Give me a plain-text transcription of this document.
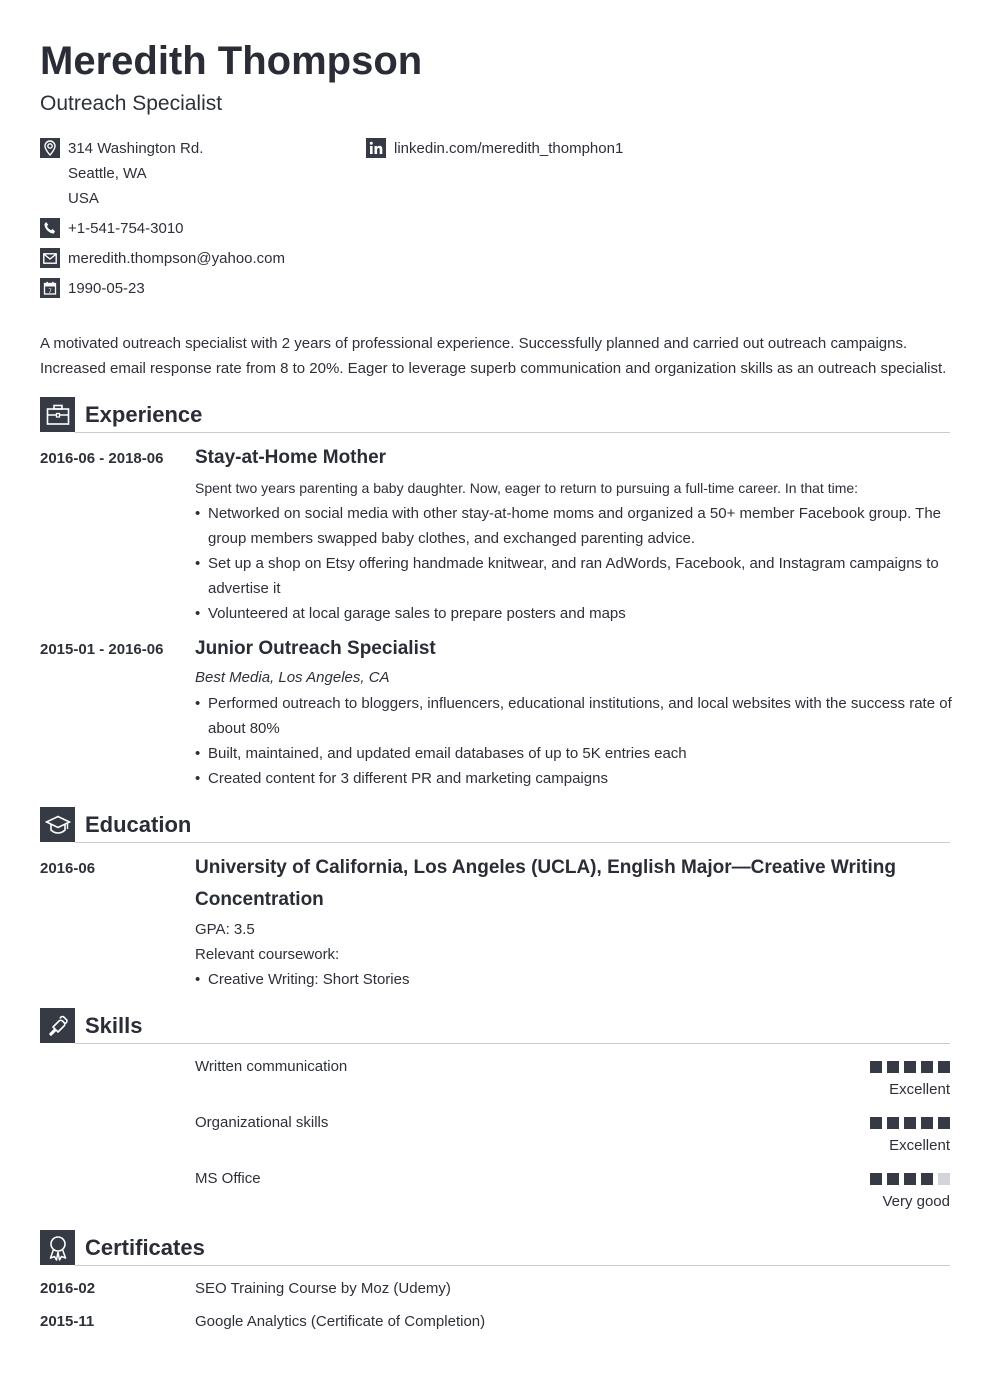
Meredith Thompson
Outreach Specialist
314 Washington Rd.
Seattle, WA
USA
+1-541-754-3010
meredith.thompson@yahoo.com
7 1990-05-23
linkedin.com/meredith_thomphon1
A motivated outreach specialist with 2 years of professional experience. Successfully planned and carried out outreach campaigns. Increased email response rate from 8 to 20%. Eager to leverage superb communication and organization skills as an outreach specialist.
Experience
2016-06 - 2018-06 Stay-at-Home Mother
Spent two years parenting a baby daughter. Now, eager to return to pursuing a full-time career. In that time:
• Networked on social media with other stay-at-home moms and organized a 50+ member Facebook group. The group members swapped baby clothes, and exchanged parenting advice.
• Set up a shop on Etsy offering handmade knitwear, and ran AdWords, Facebook, and Instagram campaigns to advertise it
• Volunteered at local garage sales to prepare posters and maps
2015-01 - 2016-06 Junior Outreach Specialist
Best Media, Los Angeles, CA
• Performed outreach to bloggers, influencers, educational institutions, and local websites with the success rate of about 80%
• Built, maintained, and updated email databases of up to 5K entries each
• Created content for 3 different PR and marketing campaigns
Education
2016-06	University of California, Los Angeles (UCLA), English Major—Creative Writing Concentration
GPA: 3.5
Relevant coursework:
• Creative Writing: Short Stories
Skills
Written communication
Excellent
Organizational skills
Excellent
MS Office
Very good
Certificates
2016-02	SEO Training Course by Moz (Udemy)
2015-11	Google Analytics (Certificate of Completion)
